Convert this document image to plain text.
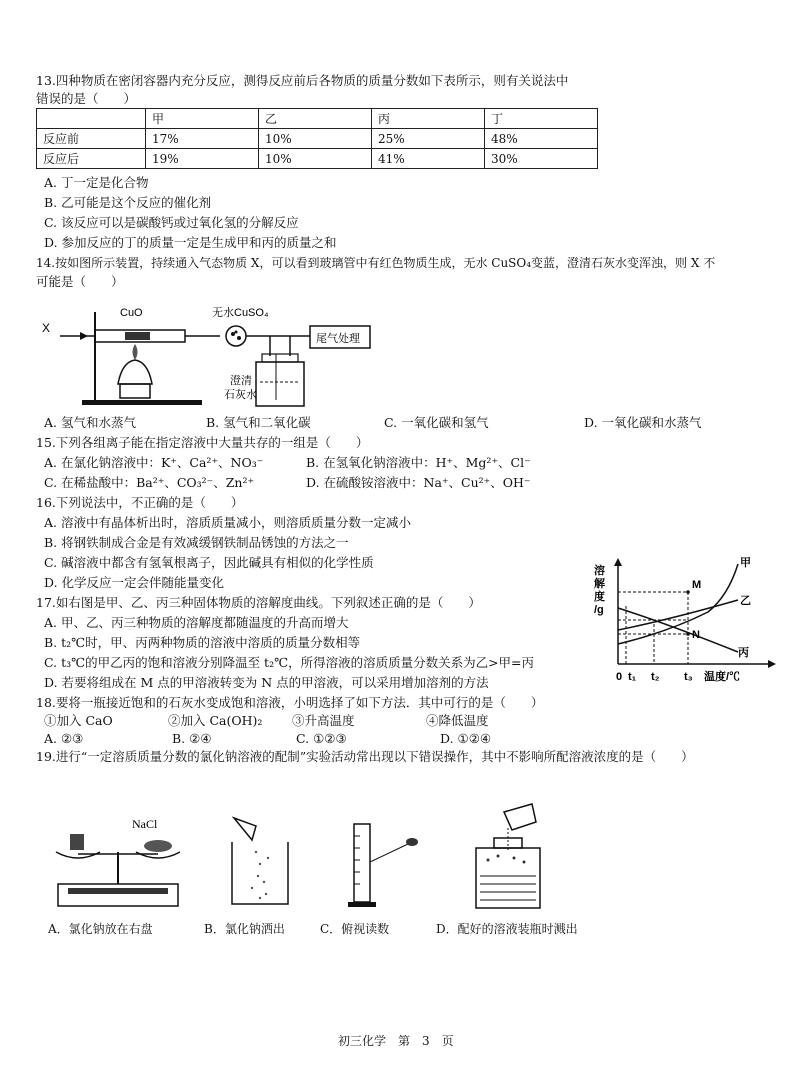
13.四种物质在密闭容器内充分反应，测得反应前后各物质的质量分数如下表所示，则有关说法中
错误的是（　　）
	甲	乙	丙	丁
反应前	17%	10%	25%	48%
反应后	19%	10%	41%	30%
A. 丁一定是化合物
B. 乙可能是这个反应的催化剂
C. 该反应可以是碳酸钙或过氧化氢的分解反应
D. 参加反应的丁的质量一定是生成甲和丙的质量之和
14.按如图所示装置，持续通入气态物质 X，可以看到玻璃管中有红色物质生成，无水 CuSO₄变蓝，澄清石灰水变浑浊，则 X 不
可能是（　　）
X
CuO	无水CuSO₄
尾气处理
澄清
石灰水
A. 氢气和水蒸气	B. 氢气和二氧化碳	C. 一氧化碳和氢气	D. 一氧化碳和水蒸气
15.下列各组离子能在指定溶液中大量共存的一组是（　　）
A. 在氯化钠溶液中：K⁺、Ca²⁺、NO₃⁻	B. 在氢氧化钠溶液中：H⁺、Mg²⁺、Cl⁻
C. 在稀盐酸中：Ba²⁺、CO₃²⁻、Zn²⁺	D. 在硫酸铵溶液中：Na⁺、Cu²⁺、OH⁻
16.下列说法中，不正确的是（　　）
A. 溶液中有晶体析出时，溶质质量减小，则溶质质量分数一定减小
B. 将钢铁制成合金是有效减缓钢铁制品锈蚀的方法之一
C. 碱溶液中都含有氢氧根离子，因此碱具有相似的化学性质
D. 化学反应一定会伴随能量变化
17.如右图是甲、乙、丙三种固体物质的溶解度曲线。下列叙述正确的是（　　）
A. 甲、乙、丙三种物质的溶解度都随温度的升高而增大
B. t₂℃时，甲、丙两种物质的溶液中溶质的质量分数相等
C. t₃℃的甲乙丙的饱和溶液分别降温至 t₂℃，所得溶液的溶质质量分数关系为乙>甲=丙
D. 若要将组成在 M 点的甲溶液转变为 N 点的甲溶液，可以采用增加溶剂的方法
溶
解
度
/g
甲
乙
丙
M
N
0 t₁ t₂ t₃ 温度/℃
18.要将一瓶接近饱和的石灰水变成饱和溶液，小明选择了如下方法．其中可行的是（　　）
①加入 CaO	②加入 Ca(OH)₂ ③升高温度	④降低温度
A. ②③	B. ②④	C. ①②③	D. ①②④
19.进行“一定溶质质量分数的氯化钠溶液的配制”实验活动常出现以下错误操作，其中不影响所配溶液浓度的是（　　）
NaCl
A．氯化钠放在右盘	B．氯化钠洒出	C．俯视读数	D．配好的溶液装瓶时溅出
初三化学　第　3　页
